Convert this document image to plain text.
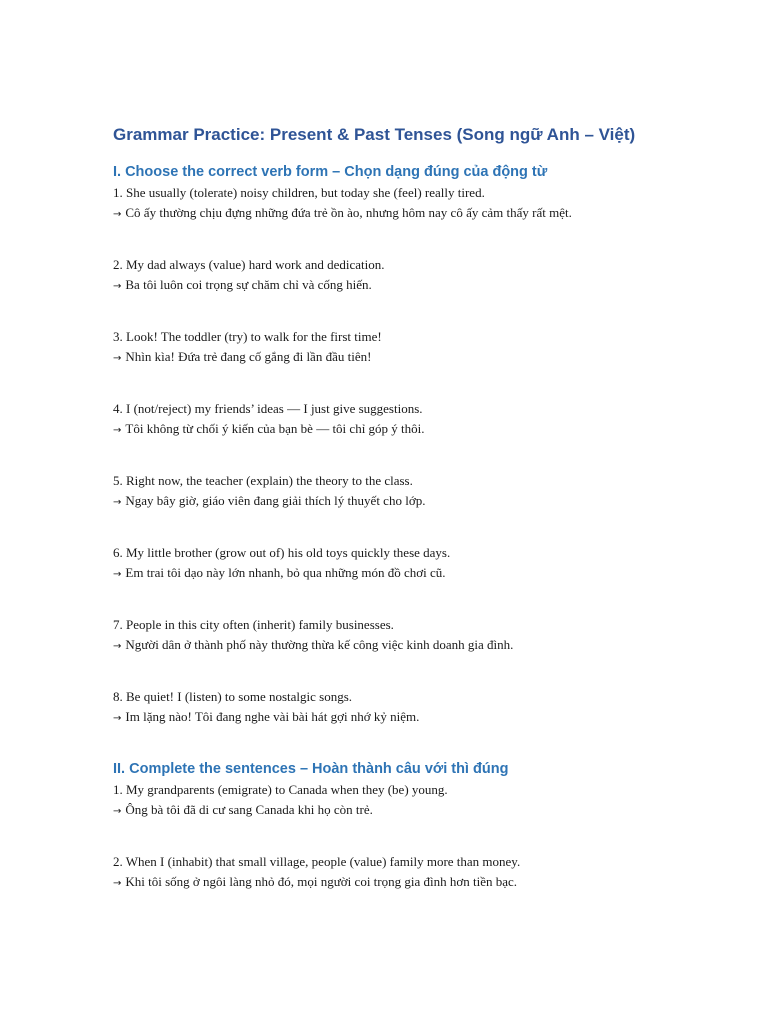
Grammar Practice: Present & Past Tenses (Song ngữ Anh – Việt)
I. Choose the correct verb form – Chọn dạng đúng của động từ
1. She usually (tolerate) noisy children, but today she (feel) really tired.
→ Cô ấy thường chịu đựng những đứa trẻ ồn ào, nhưng hôm nay cô ấy cảm thấy rất mệt.
2. My dad always (value) hard work and dedication.
→ Ba tôi luôn coi trọng sự chăm chỉ và cống hiến.
3. Look! The toddler (try) to walk for the first time!
→ Nhìn kìa! Đứa trẻ đang cố gắng đi lần đầu tiên!
4. I (not/reject) my friends’ ideas — I just give suggestions.
→ Tôi không từ chối ý kiến của bạn bè — tôi chỉ góp ý thôi.
5. Right now, the teacher (explain) the theory to the class.
→ Ngay bây giờ, giáo viên đang giải thích lý thuyết cho lớp.
6. My little brother (grow out of) his old toys quickly these days.
→ Em trai tôi dạo này lớn nhanh, bỏ qua những món đồ chơi cũ.
7. People in this city often (inherit) family businesses.
→ Người dân ở thành phố này thường thừa kế công việc kinh doanh gia đình.
8. Be quiet! I (listen) to some nostalgic songs.
→ Im lặng nào! Tôi đang nghe vài bài hát gợi nhớ kỷ niệm.
II. Complete the sentences – Hoàn thành câu với thì đúng
1. My grandparents (emigrate) to Canada when they (be) young.
→ Ông bà tôi đã di cư sang Canada khi họ còn trẻ.
2. When I (inhabit) that small village, people (value) family more than money.
→ Khi tôi sống ở ngôi làng nhỏ đó, mọi người coi trọng gia đình hơn tiền bạc.
